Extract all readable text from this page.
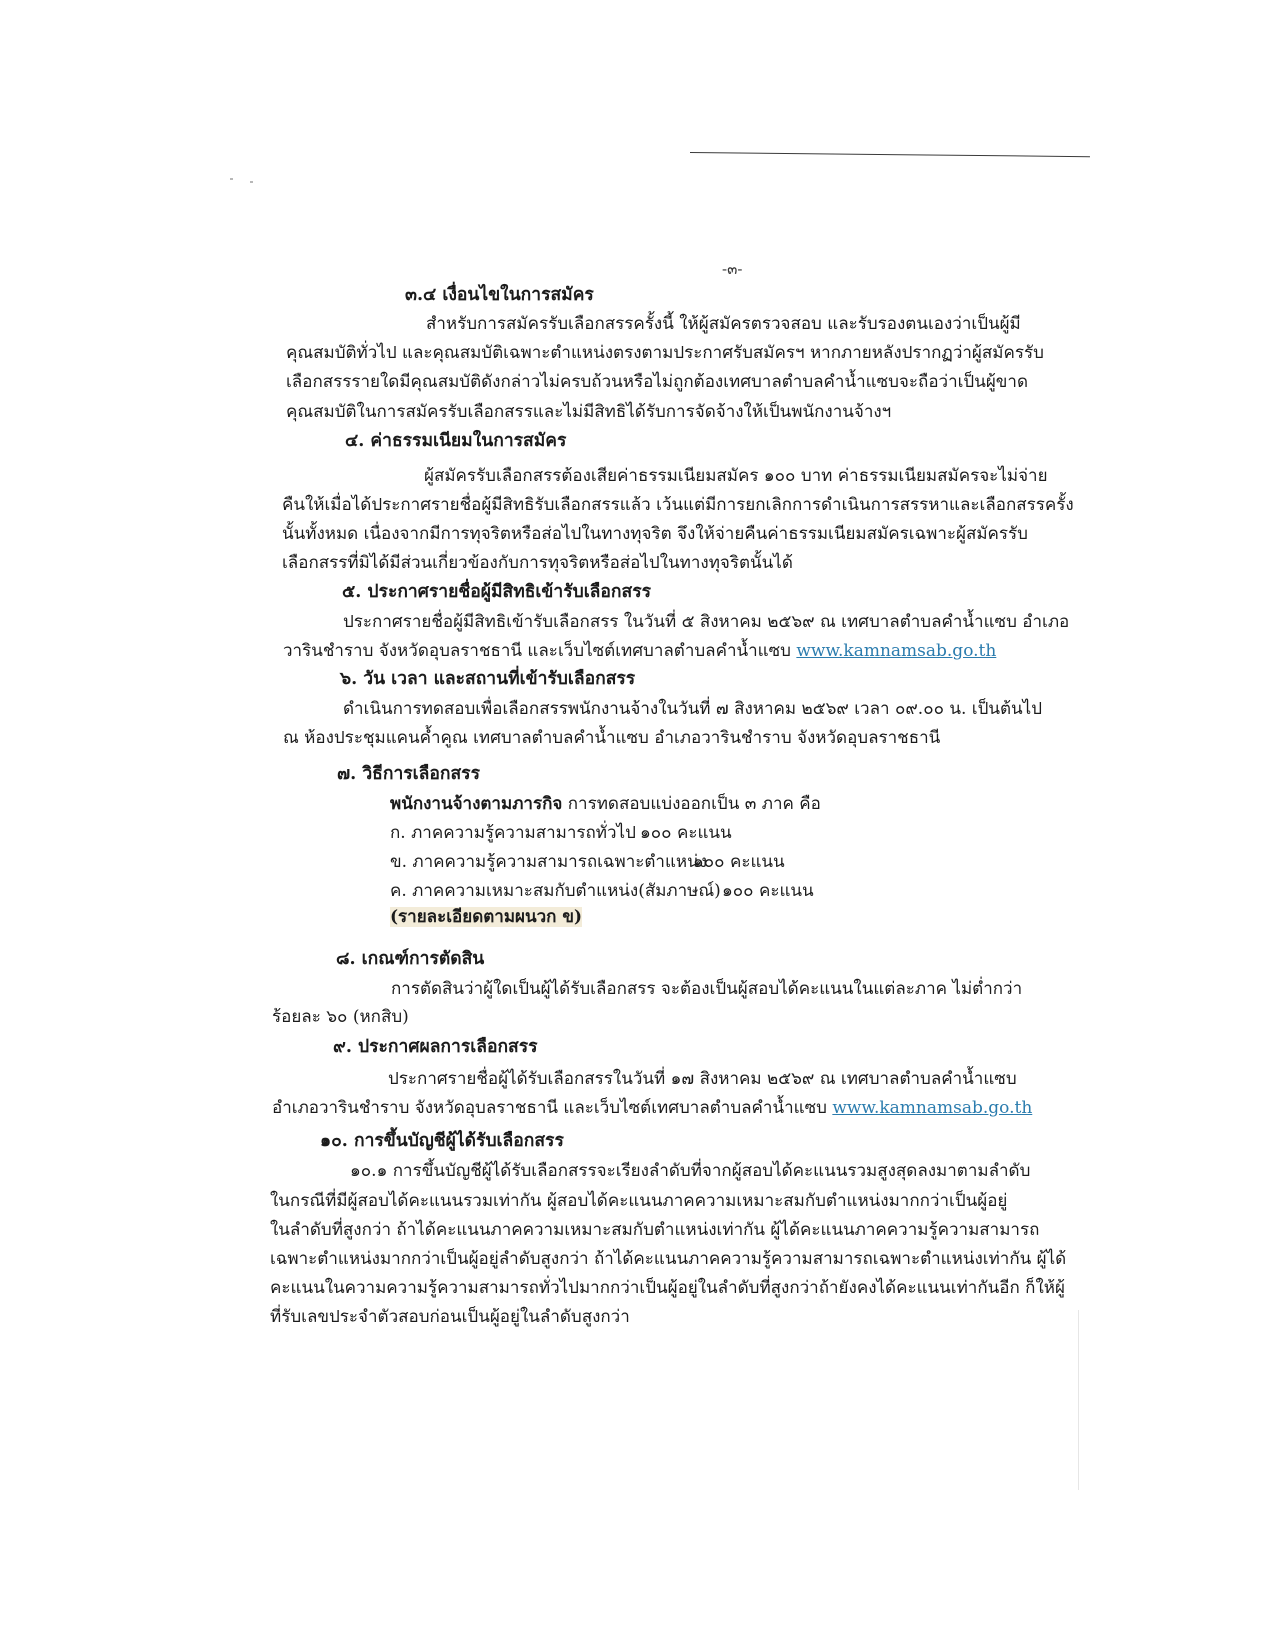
-๓-
๓.๔ เงื่อนไขในการสมัคร
สำหรับการสมัครรับเลือกสรรครั้งนี้ ให้ผู้สมัครตรวจสอบ และรับรองตนเองว่าเป็นผู้มี
คุณสมบัติทั่วไป และคุณสมบัติเฉพาะตำแหน่งตรงตามประกาศรับสมัครฯ หากภายหลังปรากฏว่าผู้สมัครรับ
เลือกสรรรายใดมีคุณสมบัติดังกล่าวไม่ครบถ้วนหรือไม่ถูกต้องเทศบาลตำบลคำน้ำแซบจะถือว่าเป็นผู้ขาด
คุณสมบัติในการสมัครรับเลือกสรรและไม่มีสิทธิได้รับการจัดจ้างให้เป็นพนักงานจ้างฯ
๔. ค่าธรรมเนียมในการสมัคร
ผู้สมัครรับเลือกสรรต้องเสียค่าธรรมเนียมสมัคร ๑๐๐ บาท ค่าธรรมเนียมสมัครจะไม่จ่าย
คืนให้เมื่อได้ประกาศรายชื่อผู้มีสิทธิรับเลือกสรรแล้ว เว้นแต่มีการยกเลิกการดำเนินการสรรหาและเลือกสรรครั้ง
นั้นทั้งหมด เนื่องจากมีการทุจริตหรือส่อไปในทางทุจริต จึงให้จ่ายคืนค่าธรรมเนียมสมัครเฉพาะผู้สมัครรับ
เลือกสรรที่มิได้มีส่วนเกี่ยวข้องกับการทุจริตหรือส่อไปในทางทุจริตนั้นได้
๕. ประกาศรายชื่อผู้มีสิทธิเข้ารับเลือกสรร
ประกาศรายชื่อผู้มีสิทธิเข้ารับเลือกสรร ในวันที่ ๕ สิงหาคม ๒๕๖๙ ณ เทศบาลตำบลคำน้ำแซบ อำเภอ
วารินชำราบ จังหวัดอุบลราชธานี และเว็บไซต์เทศบาลตำบลคำน้ำแซบ www.kamnamsab.go.th
๖. วัน เวลา และสถานที่เข้ารับเลือกสรร
ดำเนินการทดสอบเพื่อเลือกสรรพนักงานจ้างในวันที่ ๗ สิงหาคม ๒๕๖๙ เวลา ๐๙.๐๐ น. เป็นต้นไป
ณ ห้องประชุมแคนค้ำคูณ เทศบาลตำบลคำน้ำแซบ อำเภอวารินชำราบ จังหวัดอุบลราชธานี
๗. วิธีการเลือกสรร
พนักงานจ้างตามภารกิจ การทดสอบแบ่งออกเป็น ๓ ภาค คือ
ก. ภาคความรู้ความสามารถทั่วไป ๑๐๐ คะแนน
ข. ภาคความรู้ความสามารถเฉพาะตำแหน่ง
๑๐๐ คะแนน
ค. ภาคความเหมาะสมกับตำแหน่ง(สัมภาษณ์) ๑๐๐ คะแนน
(รายละเอียดตามผนวก ข)
๘. เกณฑ์การตัดสิน
การตัดสินว่าผู้ใดเป็นผู้ได้รับเลือกสรร จะต้องเป็นผู้สอบได้คะแนนในแต่ละภาค ไม่ต่ำกว่า
ร้อยละ ๖๐ (หกสิบ)
๙. ประกาศผลการเลือกสรร
ประกาศรายชื่อผู้ได้รับเลือกสรรในวันที่ ๑๗ สิงหาคม ๒๕๖๙ ณ เทศบาลตำบลคำน้ำแซบ
อำเภอวารินชำราบ จังหวัดอุบลราชธานี และเว็บไซต์เทศบาลตำบลคำน้ำแซบ www.kamnamsab.go.th
๑๐. การขึ้นบัญชีผู้ได้รับเลือกสรร
๑๐.๑ การขึ้นบัญชีผู้ได้รับเลือกสรรจะเรียงลำดับที่จากผู้สอบได้คะแนนรวมสูงสุดลงมาตามลำดับ
ในกรณีที่มีผู้สอบได้คะแนนรวมเท่ากัน ผู้สอบได้คะแนนภาคความเหมาะสมกับตำแหน่งมากกว่าเป็นผู้อยู่
ในลำดับที่สูงกว่า ถ้าได้คะแนนภาคความเหมาะสมกับตำแหน่งเท่ากัน ผู้ได้คะแนนภาคความรู้ความสามารถ
เฉพาะตำแหน่งมากกว่าเป็นผู้อยู่ลำดับสูงกว่า ถ้าได้คะแนนภาคความรู้ความสามารถเฉพาะตำแหน่งเท่ากัน ผู้ได้
คะแนนในความความรู้ความสามารถทั่วไปมากกว่าเป็นผู้อยู่ในลำดับที่สูงกว่าถ้ายังคงได้คะแนนเท่ากันอีก ก็ให้ผู้
ที่รับเลขประจำตัวสอบก่อนเป็นผู้อยู่ในลำดับสูงกว่า
